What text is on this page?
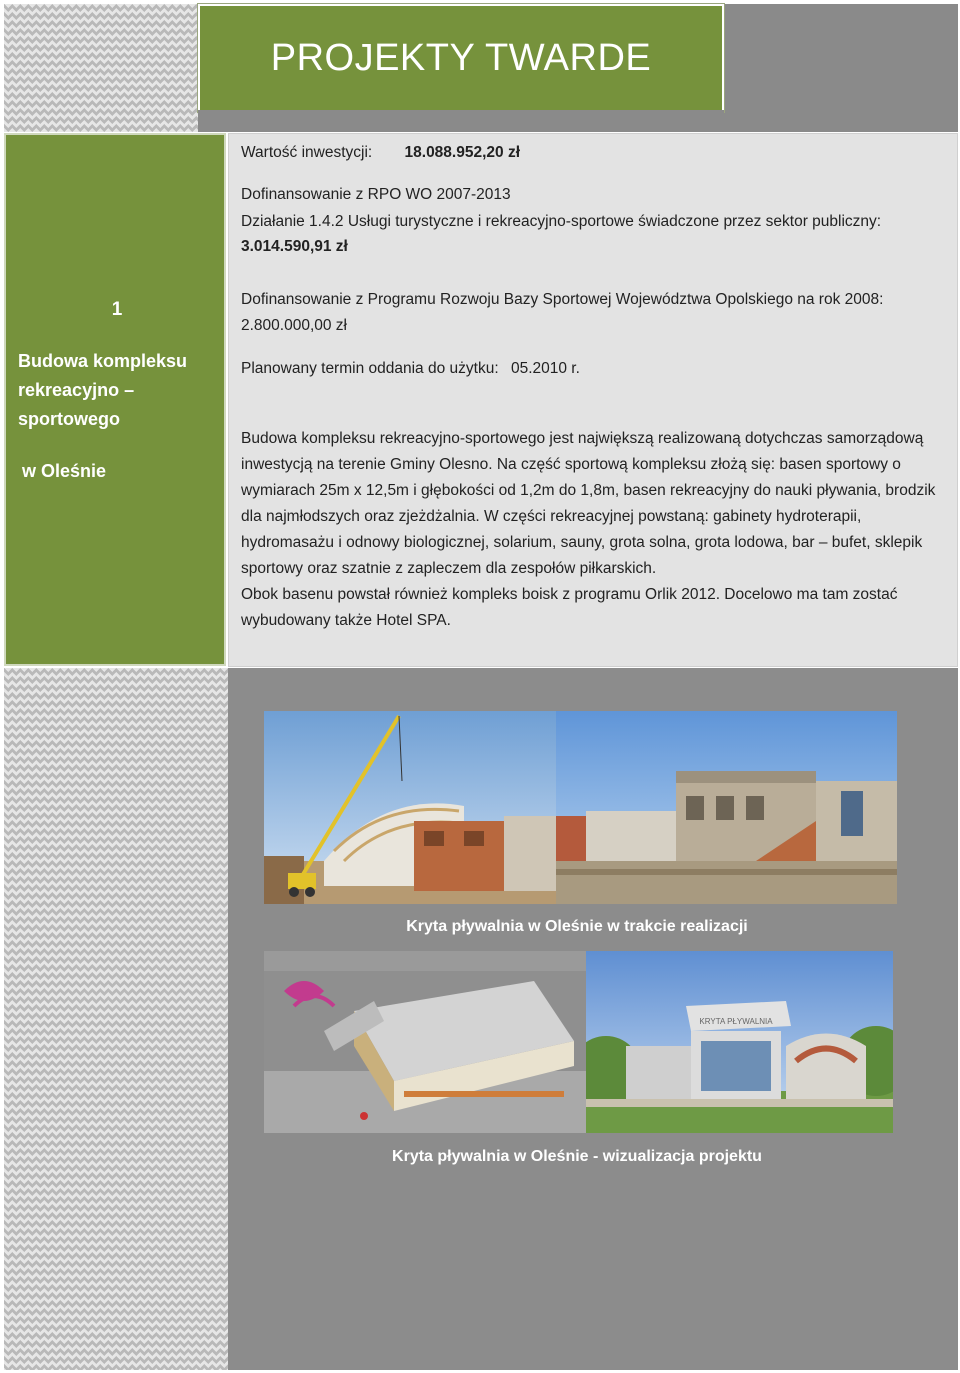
PROJEKTY TWARDE
1
Budowa kompleksu rekreacyjno – sportowego
w Oleśnie
Wartość inwestycji: 18.088.952,20 zł
Dofinansowanie z RPO WO 2007-2013
Działanie 1.4.2 Usługi turystyczne i rekreacyjno-sportowe świadczone przez sektor publiczny:
3.014.590,91 zł
Dofinansowanie z Programu Rozwoju Bazy Sportowej Województwa Opolskiego na rok 2008:
2.800.000,00 zł
Planowany termin oddania do użytku: 05.2010 r.

Budowa kompleksu rekreacyjno-sportowego jest największą realizowaną dotychczas samorządową inwestycją na terenie Gminy Olesno. Na część sportową kompleksu złożą się: basen sportowy o wymiarach 25m x 12,5m i głębokości od 1,2m do 1,8m, basen rekreacyjny do nauki pływania, brodzik dla najmłodszych oraz zjeżdżalnia. W części rekreacyjnej powstaną: gabinety hydroterapii, hydromasażu i odnowy biologicznej, solarium, sauny, grota solna, grota lodowa, bar – bufet, sklepik sportowy oraz szatnie z zapleczem dla zespołów piłkarskich.

Obok basenu powstał również kompleks boisk z programu Orlik 2012. Docelowo ma tam zostać wybudowany także Hotel SPA.

Kryta pływalnia w Oleśnie w trakcie realizacji
KRYTA PŁYWALNIA
Kryta pływalnia w Oleśnie - wizualizacja projektu
